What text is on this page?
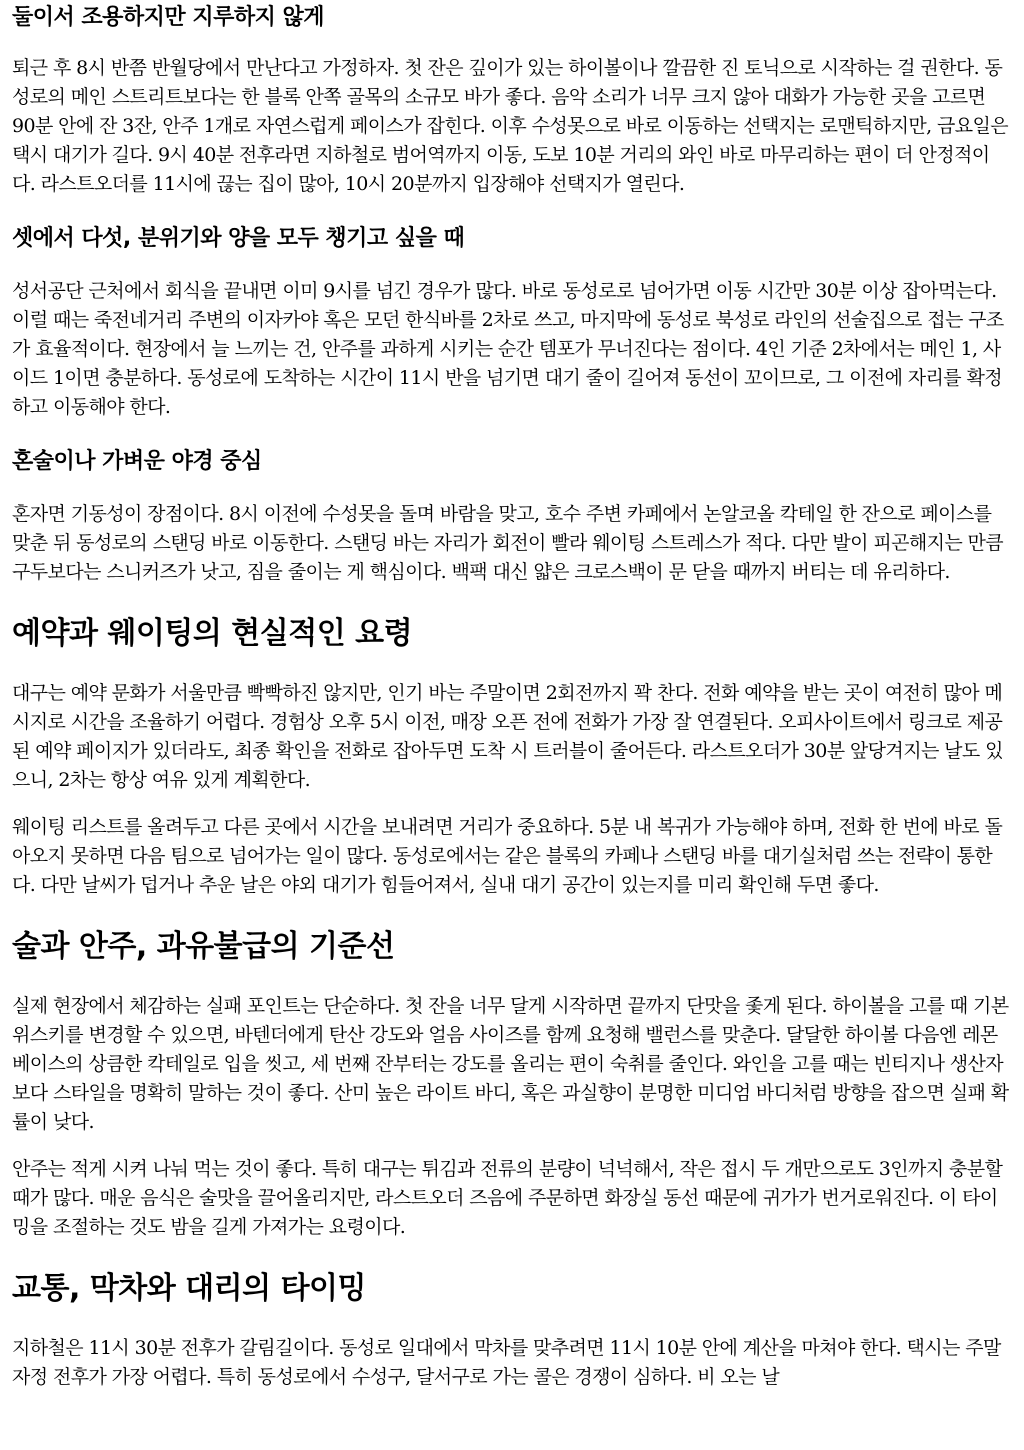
둘이서 조용하지만 지루하지 않게

퇴근 후 8시 반쯤 반월당에서 만난다고 가정하자. 첫 잔은 깊이가 있는 하이볼이나 깔끔한 진 토닉으로 시작하는 걸 권한다. 동성로의 메인 스트리트보다는 한 블록 안쪽 골목의 소규모 바가 좋다. 음악 소리가 너무 크지 않아 대화가 가능한 곳을 고르면 90분 안에 잔 3잔, 안주 1개로 자연스럽게 페이스가 잡힌다. 이후 수성못으로 바로 이동하는 선택지는 로맨틱하지만, 금요일은 택시 대기가 길다. 9시 40분 전후라면 지하철로 범어역까지 이동, 도보 10분 거리의 와인 바로 마무리하는 편이 더 안정적이다. 라스트오더를 11시에 끊는 집이 많아, 10시 20분까지 입장해야 선택지가 열린다.

셋에서 다섯, 분위기와 양을 모두 챙기고 싶을 때

성서공단 근처에서 회식을 끝내면 이미 9시를 넘긴 경우가 많다. 바로 동성로로 넘어가면 이동 시간만 30분 이상 잡아먹는다. 이럴 때는 죽전네거리 주변의 이자카야 혹은 모던 한식바를 2차로 쓰고, 마지막에 동성로 북성로 라인의 선술집으로 접는 구조가 효율적이다. 현장에서 늘 느끼는 건, 안주를 과하게 시키는 순간 템포가 무너진다는 점이다. 4인 기준 2차에서는 메인 1, 사이드 1이면 충분하다. 동성로에 도착하는 시간이 11시 반을 넘기면 대기 줄이 길어져 동선이 꼬이므로, 그 이전에 자리를 확정하고 이동해야 한다.

혼술이나 가벼운 야경 중심

혼자면 기동성이 장점이다. 8시 이전에 수성못을 돌며 바람을 맞고, 호수 주변 카페에서 논알코올 칵테일 한 잔으로 페이스를 맞춘 뒤 동성로의 스탠딩 바로 이동한다. 스탠딩 바는 자리가 회전이 빨라 웨이팅 스트레스가 적다. 다만 발이 피곤해지는 만큼 구두보다는 스니커즈가 낫고, 짐을 줄이는 게 핵심이다. 백팩 대신 얇은 크로스백이 문 닫을 때까지 버티는 데 유리하다.

예약과 웨이팅의 현실적인 요령

대구는 예약 문화가 서울만큼 빡빡하진 않지만, 인기 바는 주말이면 2회전까지 꽉 찬다. 전화 예약을 받는 곳이 여전히 많아 메시지로 시간을 조율하기 어렵다. 경험상 오후 5시 이전, 매장 오픈 전에 전화가 가장 잘 연결된다. 오피사이트에서 링크로 제공된 예약 페이지가 있더라도, 최종 확인을 전화로 잡아두면 도착 시 트러블이 줄어든다. 라스트오더가 30분 앞당겨지는 날도 있으니, 2차는 항상 여유 있게 계획한다.

웨이팅 리스트를 올려두고 다른 곳에서 시간을 보내려면 거리가 중요하다. 5분 내 복귀가 가능해야 하며, 전화 한 번에 바로 돌아오지 못하면 다음 팀으로 넘어가는 일이 많다. 동성로에서는 같은 블록의 카페나 스탠딩 바를 대기실처럼 쓰는 전략이 통한다. 다만 날씨가 덥거나 추운 날은 야외 대기가 힘들어져서, 실내 대기 공간이 있는지를 미리 확인해 두면 좋다.

술과 안주, 과유불급의 기준선

실제 현장에서 체감하는 실패 포인트는 단순하다. 첫 잔을 너무 달게 시작하면 끝까지 단맛을 좇게 된다. 하이볼을 고를 때 기본 위스키를 변경할 수 있으면, 바텐더에게 탄산 강도와 얼음 사이즈를 함께 요청해 밸런스를 맞춘다. 달달한 하이볼 다음엔 레몬 베이스의 상큼한 칵테일로 입을 씻고, 세 번째 잔부터는 강도를 올리는 편이 숙취를 줄인다. 와인을 고를 때는 빈티지나 생산자보다 스타일을 명확히 말하는 것이 좋다. 산미 높은 라이트 바디, 혹은 과실향이 분명한 미디엄 바디처럼 방향을 잡으면 실패 확률이 낮다.

안주는 적게 시켜 나눠 먹는 것이 좋다. 특히 대구는 튀김과 전류의 분량이 넉넉해서, 작은 접시 두 개만으로도 3인까지 충분할 때가 많다. 매운 음식은 술맛을 끌어올리지만, 라스트오더 즈음에 주문하면 화장실 동선 때문에 귀가가 번거로워진다. 이 타이밍을 조절하는 것도 밤을 길게 가져가는 요령이다.

교통, 막차와 대리의 타이밍

지하철은 11시 30분 전후가 갈림길이다. 동성로 일대에서 막차를 맞추려면 11시 10분 안에 계산을 마쳐야 한다. 택시는 주말 자정 전후가 가장 어렵다. 특히 동성로에서 수성구, 달서구로 가는 콜은 경쟁이 심하다. 비 오는 날
